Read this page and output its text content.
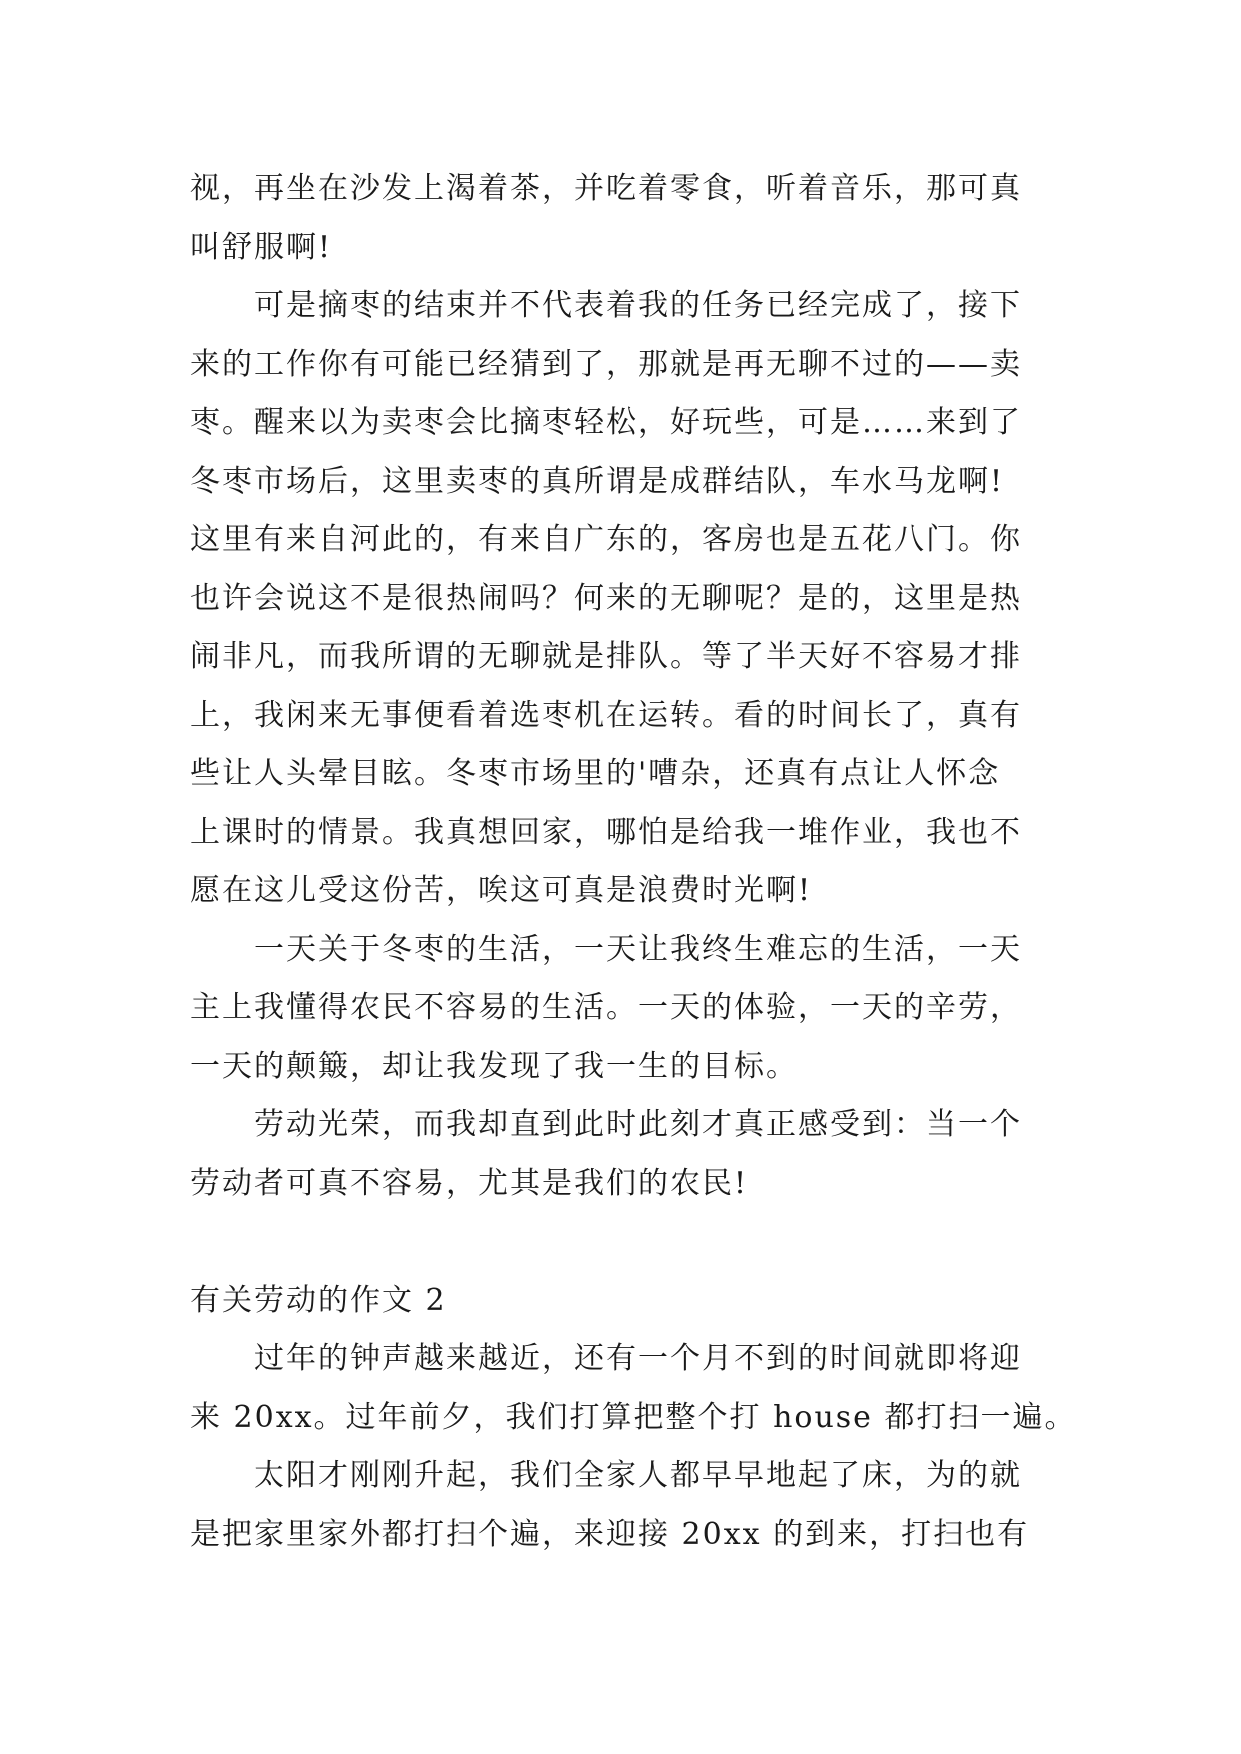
视，再坐在沙发上渴着茶，并吃着零食，听着音乐，那可真
叫舒服啊!
可是摘枣的结束并不代表着我的任务已经完成了，接下
来的工作你有可能已经猜到了，那就是再无聊不过的——卖
枣。醒来以为卖枣会比摘枣轻松，好玩些，可是……来到了
冬枣市场后，这里卖枣的真所谓是成群结队，车水马龙啊!
这里有来自河此的，有来自广东的，客房也是五花八门。你
也许会说这不是很热闹吗？何来的无聊呢？是的，这里是热
闹非凡，而我所谓的无聊就是排队。等了半天好不容易才排
上，我闲来无事便看着选枣机在运转。看的时间长了，真有
些让人头晕目眩。冬枣市场里的'嘈杂，还真有点让人怀念
上课时的情景。我真想回家，哪怕是给我一堆作业，我也不
愿在这儿受这份苦，唉这可真是浪费时光啊!
一天关于冬枣的生活，一天让我终生难忘的生活，一天
主上我懂得农民不容易的生活。一天的体验，一天的辛劳，
一天的颠簸，却让我发现了我一生的目标。
劳动光荣，而我却直到此时此刻才真正感受到：当一个
劳动者可真不容易，尤其是我们的农民!
有关劳动的作文 2
过年的钟声越来越近，还有一个月不到的时间就即将迎
来 20xx。过年前夕，我们打算把整个打 house 都打扫一遍。
太阳才刚刚升起，我们全家人都早早地起了床，为的就
是把家里家外都打扫个遍，来迎接 20xx 的到来，打扫也有
